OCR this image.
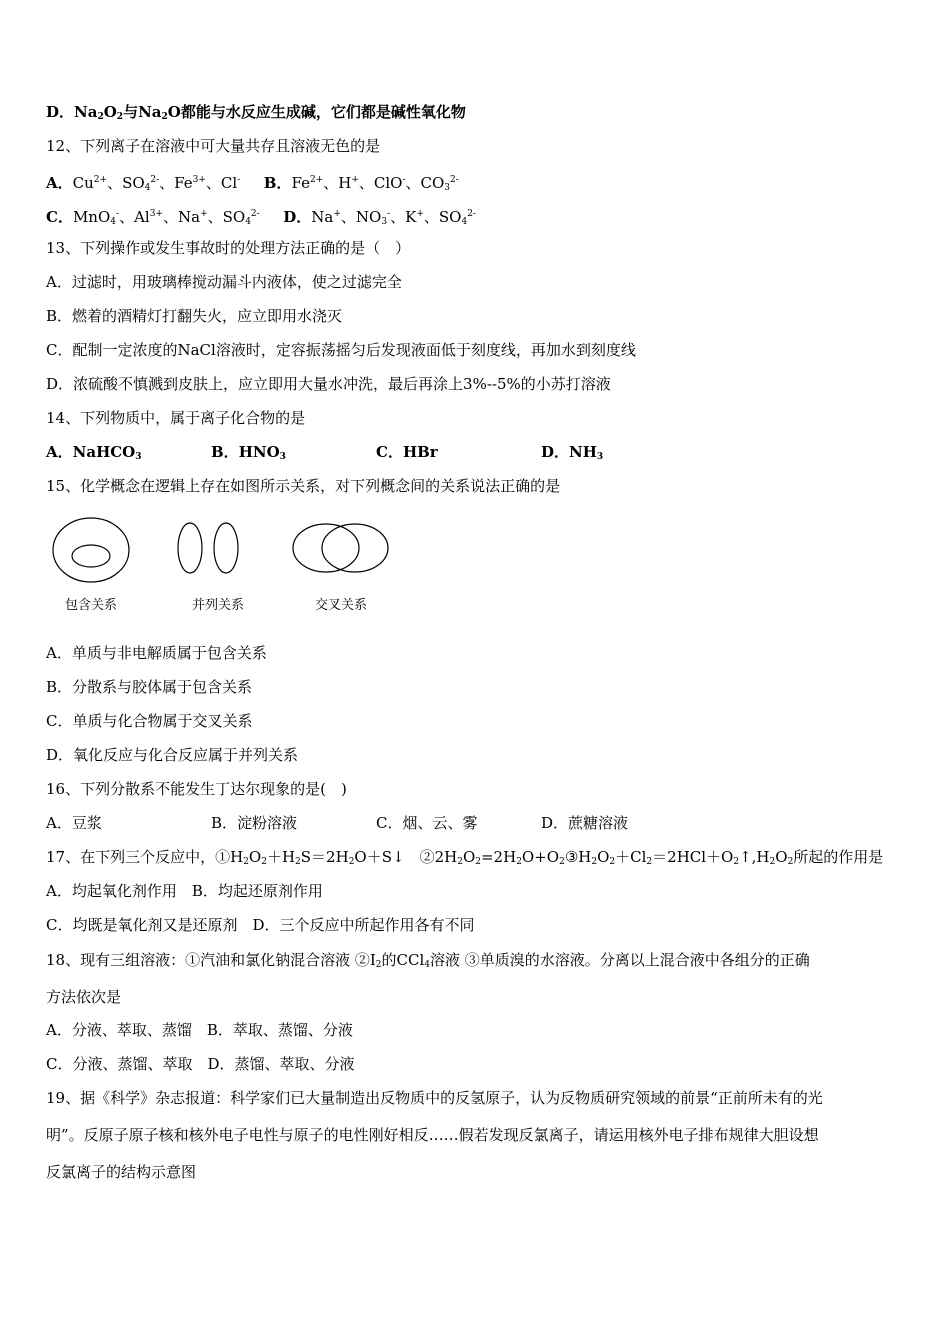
D．$Na_2O_2$与$Na_2O$都能与水反应生成碱，它们都是碱性氧化物
12、下列离子在溶液中可大量共存且溶液无色的是
A．$Cu^{2+}$、$SO_4^{2-}$、$Fe^{3+}$、Cl- B．$Fe^{2+}$、H+、ClO-、$CO_3^{2-}$
C．MnO$_4$-、$Al^{3+}$、Na+、$SO_4^{2-}$ D．Na+、$NO_3^-$、K+、$SO_4^{2-}$
13、下列操作或发生事故时的处理方法正确的是（　）
A．过滤时，用玻璃棒搅动漏斗内液体，使之过滤完全
B．燃着的酒精灯打翻失火，应立即用水浇灭
C．配制一定浓度的NaCl溶液时，定容振荡摇匀后发现液面低于刻度线，再加水到刻度线
D．浓硫酸不慎溅到皮肤上，应立即用大量水冲洗，最后再涂上3%--5%的小苏打溶液
14、下列物质中，属于离子化合物的是
A．NaHCO$_3$	B．$HNO_3$	C．HBr	D．$NH_3$
15、化学概念在逻辑上存在如图所示关系，对下列概念间的关系说法正确的是
包含关系	并列关系	交叉关系
A．单质与非电解质属于包含关系
B．分散系与胶体属于包含关系
C．单质与化合物属于交叉关系
D．氧化反应与化合反应属于并列关系
16、下列分散系不能发生丁达尔现象的是(　)
A．豆浆	B．淀粉溶液	C．烟、云、雾	D．蔗糖溶液
17、在下列三个反应中，$①H_2O_2+H_2S=2H_2O+S↓$　$②2H_2O_2=2H_2O+O_2③H_2O_2+Cl_2=2HCl+O_2↑,H_2O_2$所起的作用是
A．均起氧化剂作用　B．均起还原剂作用
C．均既是氧化剂又是还原剂　D．三个反应中所起作用各有不同
18、现有三组溶液：①汽油和氯化钠混合溶液 $②I_2$的CCl$_4$溶液 ③单质溴的水溶液。分离以上混合液中各组分的正确
方法依次是
A．分液、萃取、蒸馏　B．萃取、蒸馏、分液
C．分液、蒸馏、萃取　D．蒸馏、萃取、分液
19、据《科学》杂志报道：科学家们已大量制造出反物质中的反氢原子，认为反物质研究领域的前景“正前所未有的光
明”。反原子原子核和核外电子电性与原子的电性刚好相反……假若发现反氯离子，请运用核外电子排布规律大胆设想
反氯离子的结构示意图
